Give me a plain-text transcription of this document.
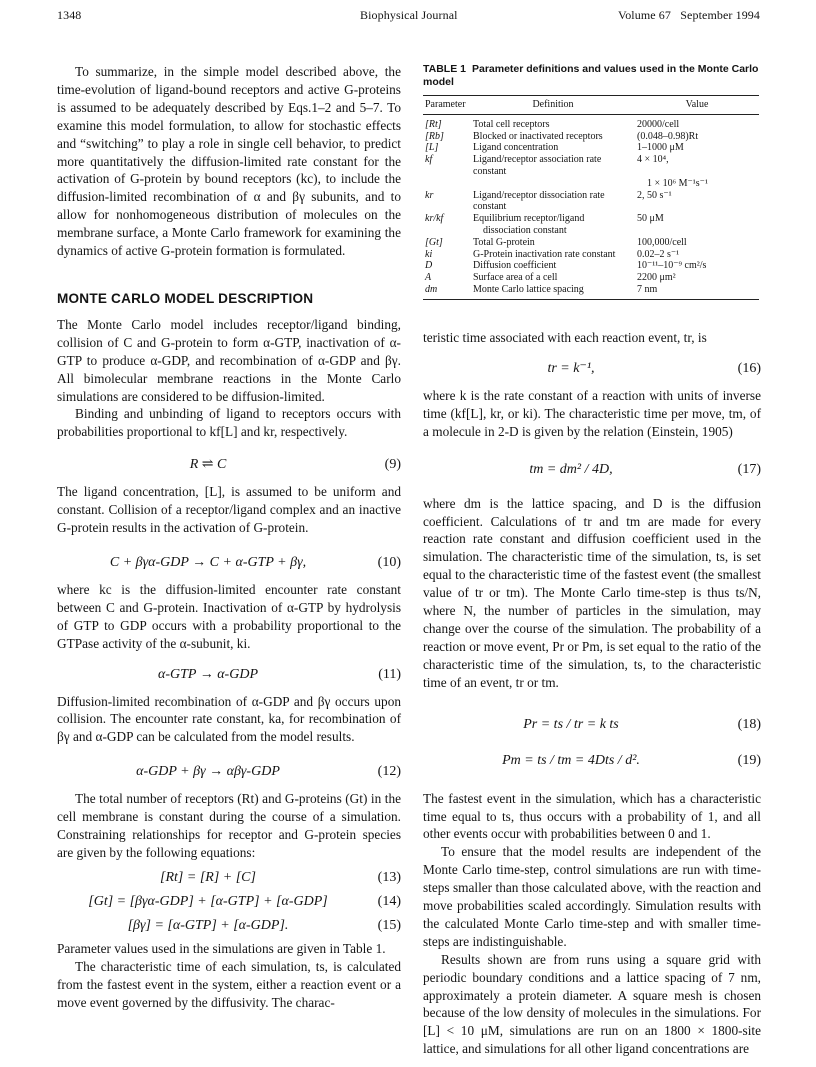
1348	Biophysical Journal	Volume 67   September 1994

To summarize, in the simple model described above, the time-evolution of ligand-bound receptors and active G-proteins is assumed to be adequately described by Eqs.1–2 and 5–7. To examine this model formulation, to allow for stochastic effects and “switching” to play a role in single cell behavior, to predict more quantitatively the diffusion-limited rate constant for the activation of G-protein by bound receptors (kc), to include the diffusion-limited recombination of α and βγ subunits, and to allow for nonhomogeneous distribution of molecules on the membrane surface, a Monte Carlo framework for examining the dynamics of active G-protein formation is formulated.

MONTE CARLO MODEL DESCRIPTION

The Monte Carlo model includes receptor/ligand binding, collision of C and G-protein to form α-GTP, inactivation of α-GTP to produce α-GDP, and recombination of α-GDP and βγ. All bimolecular membrane reactions in the Monte Carlo simulations are considered to be diffusion-limited.

Binding and unbinding of ligand to receptors occurs with probabilities proportional to kf[L] and kr, respectively.

R ⇌ C	(9)

The ligand concentration, [L], is assumed to be uniform and constant. Collision of a receptor/ligand complex and an inactive G-protein results in the activation of G-protein.

C + βγα-GDP → C + α-GTP + βγ,	(10)

where kc is the diffusion-limited encounter rate constant between C and G-protein. Inactivation of α-GTP by hydrolysis of GTP to GDP occurs with a probability proportional to the GTPase activity of the α-subunit, ki.

α-GTP → α-GDP	(11)

Diffusion-limited recombination of α-GDP and βγ occurs upon collision. The encounter rate constant, ka, for recombination of βγ and α-GDP can be calculated from the model results.

α-GDP + βγ → αβγ-GDP	(12)

The total number of receptors (Rt) and G-proteins (Gt) in the cell membrane is constant during the course of a simulation. Constraining relationships for receptor and G-protein species are given by the following equations:

[Rt] = [R] + [C]	(13)
[Gt] = [βγα-GDP] + [α-GTP] + [α-GDP]	(14)
[βγ] = [α-GTP] + [α-GDP].	(15)

Parameter values used in the simulations are given in Table 1.

The characteristic time of each simulation, ts, is calculated from the fastest event in the system, either a reaction event or a move event governed by the diffusivity. The charac-

TABLE 1 Parameter definitions and values used in the Monte Carlo model
Parameter	Definition	Value
[Rt]	Total cell receptors	20000/cell
[Rb]	Blocked or inactivated receptors	(0.048–0.98)Rt
[L]	Ligand concentration	1–1000 μM
kf	Ligand/receptor association rate constant	4 × 10⁴,
		1 × 10⁶ M⁻¹s⁻¹
kr	Ligand/receptor dissociation rate constant	2, 50 s⁻¹
kr/kf	Equilibrium receptor/ligand	50 μM
	dissociation constant	
[Gt]	Total G-protein	100,000/cell
ki	G-Protein inactivation rate constant	0.02–2 s⁻¹
D	Diffusion coefficient	10⁻¹¹–10⁻⁹ cm²/s
A	Surface area of a cell	2200 μm²
dm	Monte Carlo lattice spacing	7 nm

teristic time associated with each reaction event, tr, is

tr = k⁻¹,	(16)

where k is the rate constant of a reaction with units of inverse time (kf[L], kr, or ki). The characteristic time per move, tm, of a molecule in 2-D is given by the relation (Einstein, 1905)

tm = dm² / 4D,	(17)

where dm is the lattice spacing, and D is the diffusion coefficient. Calculations of tr and tm are made for every reaction rate constant and diffusion coefficient used in the simulation. The characteristic time of the simulation, ts, is set equal to the characteristic time of the fastest event (the smallest value of tr or tm). The Monte Carlo time-step is thus ts/N, where N, the number of particles in the simulation, may change over the course of the simulation. The probability of a reaction or move event, Pr or Pm, is set equal to the ratio of the characteristic time of the simulation, ts, to the characteristic time of an event, tr or tm.

Pr = ts / tr = k ts	(18)
Pm = ts / tm = 4Dts / d².	(19)

The fastest event in the simulation, which has a characteristic time equal to ts, thus occurs with a probability of 1, and all other events occur with probabilities between 0 and 1.

To ensure that the model results are independent of the Monte Carlo time-step, control simulations are run with time-steps smaller than those calculated above, with the reaction and move probabilities scaled accordingly. Simulation results with the calculated Monte Carlo time-step and with smaller time-steps are indistinguishable.

Results shown are from runs using a square grid with periodic boundary conditions and a lattice spacing of 7 nm, approximately a protein diameter. A square mesh is chosen because of the low density of molecules in the simulations. For [L] < 10 μM, simulations are run on an 1800 × 1800-site lattice, and simulations for all other ligand concentrations are
